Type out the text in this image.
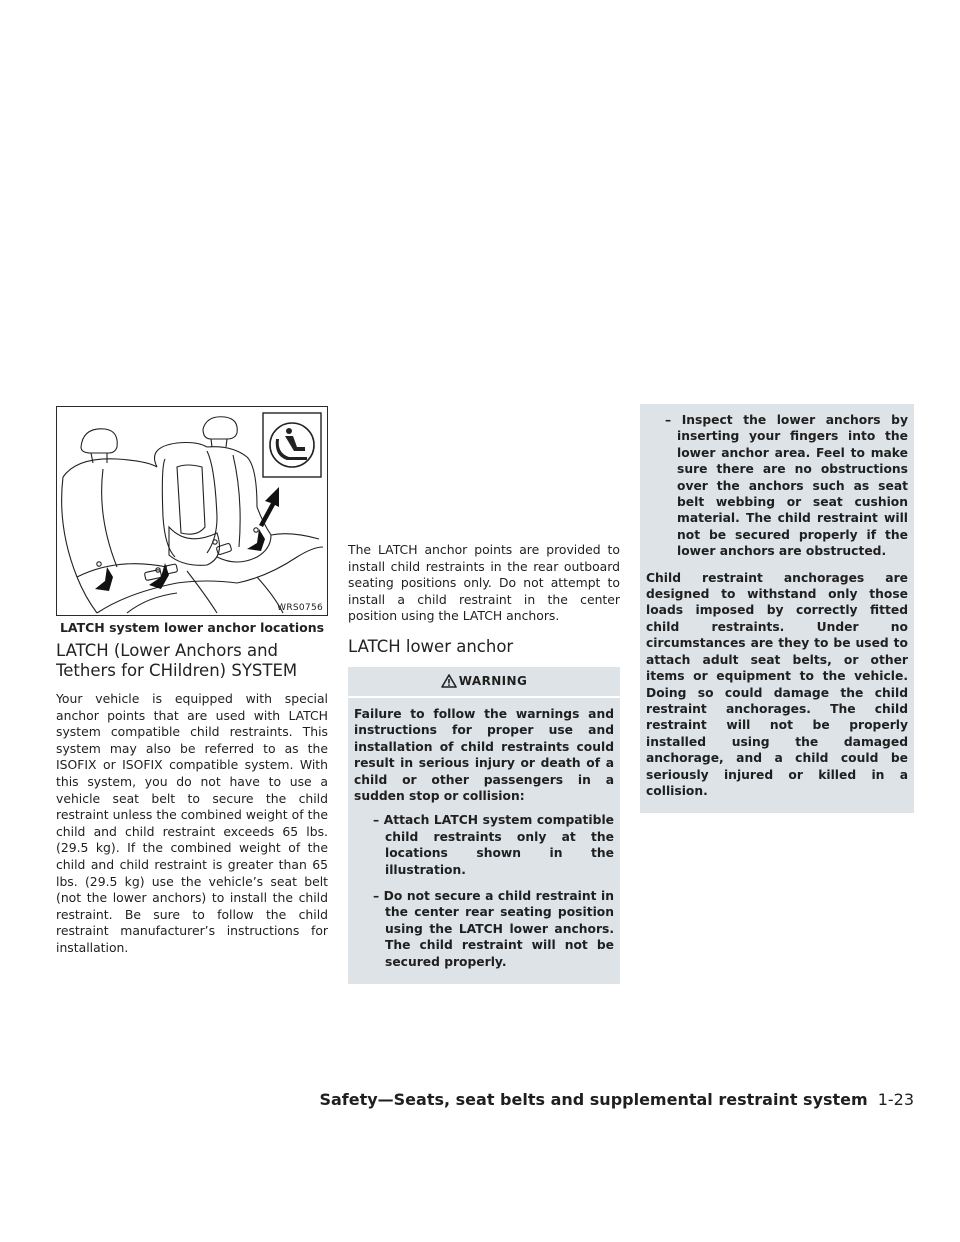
WRS0756
LATCH system lower anchor locations
LATCH (Lower Anchors and Tethers for CHildren) SYSTEM

Your vehicle is equipped with special anchor points that are used with LATCH system compatible child restraints. This system may also be referred to as the ISOFIX or ISOFIX compatible system. With this system, you do not have to use a vehicle seat belt to secure the child restraint unless the combined weight of the child and child restraint exceeds 65 lbs. (29.5 kg). If the combined weight of the child and child restraint is greater than 65 lbs. (29.5 kg) use the vehicle’s seat belt (not the lower anchors) to install the child restraint. Be sure to follow the child restraint manufacturer’s instructions for installation.

The LATCH anchor points are provided to install child restraints in the rear outboard seating positions only. Do not attempt to install a child restraint in the center position using the LATCH anchors.

LATCH lower anchor
WARNING
Failure to follow the warnings and instructions for proper use and installation of child restraints could result in serious injury or death of a child or other passengers in a sudden stop or collision:
– Attach LATCH system compatible child restraints only at the locations shown in the illustration.
– Do not secure a child restraint in the center rear seating position using the LATCH lower anchors. The child restraint will not be secured properly.
– Inspect the lower anchors by inserting your fingers into the lower anchor area. Feel to make sure there are no obstructions over the anchors such as seat belt webbing or seat cushion material. The child restraint will not be secured properly if the lower anchors are obstructed.
Child restraint anchorages are designed to withstand only those loads imposed by correctly fitted child restraints. Under no circumstances are they to be used to attach adult seat belts, or other items or equipment to the vehicle. Doing so could damage the child restraint anchorages. The child restraint will not be properly installed using the damaged anchorage, and a child could be seriously injured or killed in a collision.
Safety—Seats, seat belts and supplemental restraint system 1-23
